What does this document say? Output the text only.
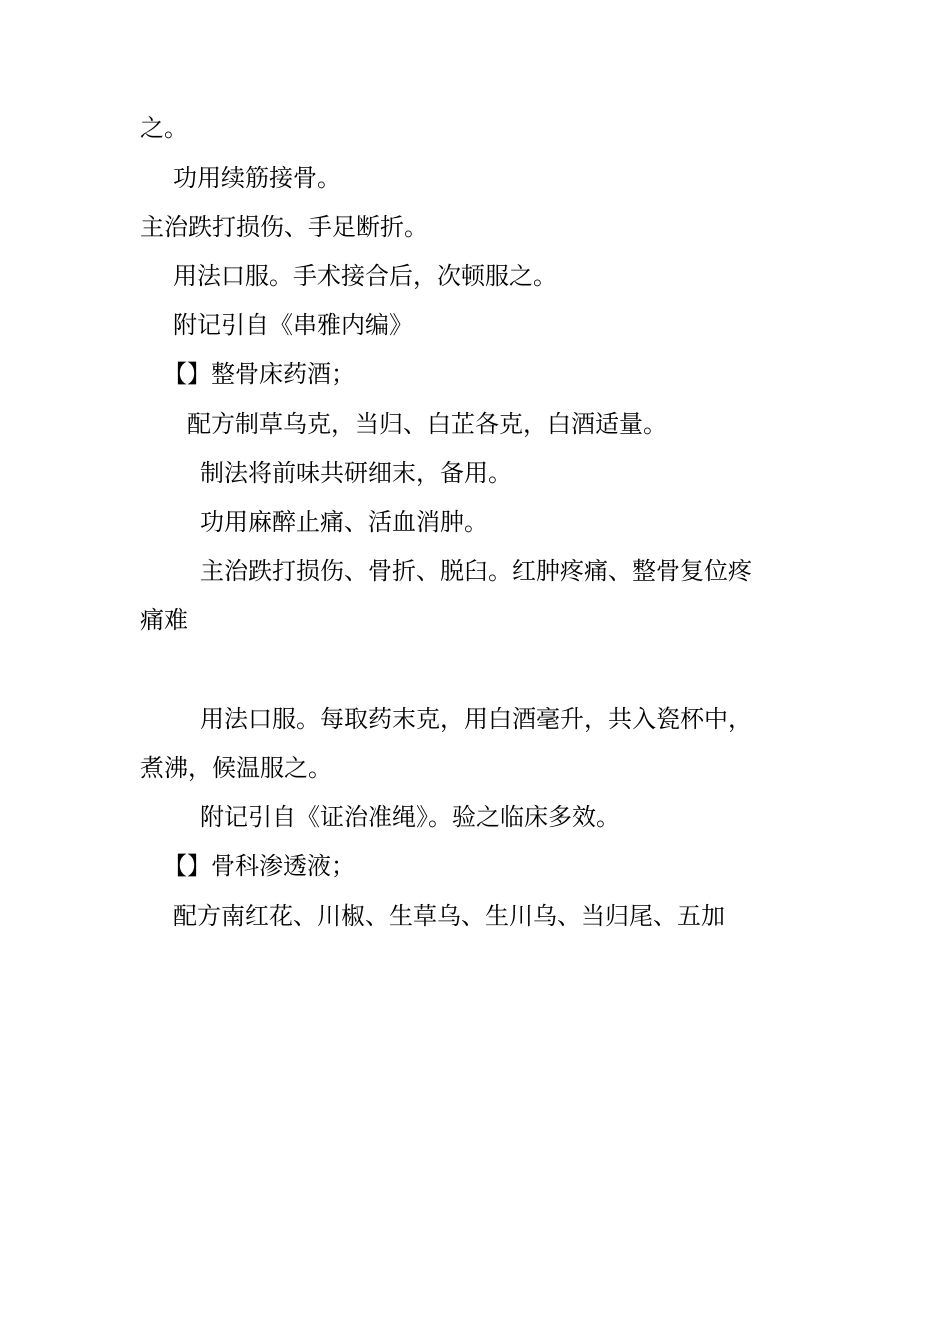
之。
功用续筋接骨。
主治跌打损伤、手足断折。
用法口服。手术接合后，次顿服之。
附记引自《串雅内编》
【】整骨床药酒；
配方制草乌克，当归、白芷各克，白酒适量。
制法将前味共研细末，备用。
功用麻醉止痛、活血消肿。
主治跌打损伤、骨折、脱臼。红肿疼痛、整骨复位疼
痛难
用法口服。每取药末克，用白酒毫升，共入瓷杯中，
煮沸，候温服之。
附记引自《证治准绳》。验之临床多效。
【】骨科渗透液；
配方南红花、川椒、生草乌、生川乌、当归尾、五加
